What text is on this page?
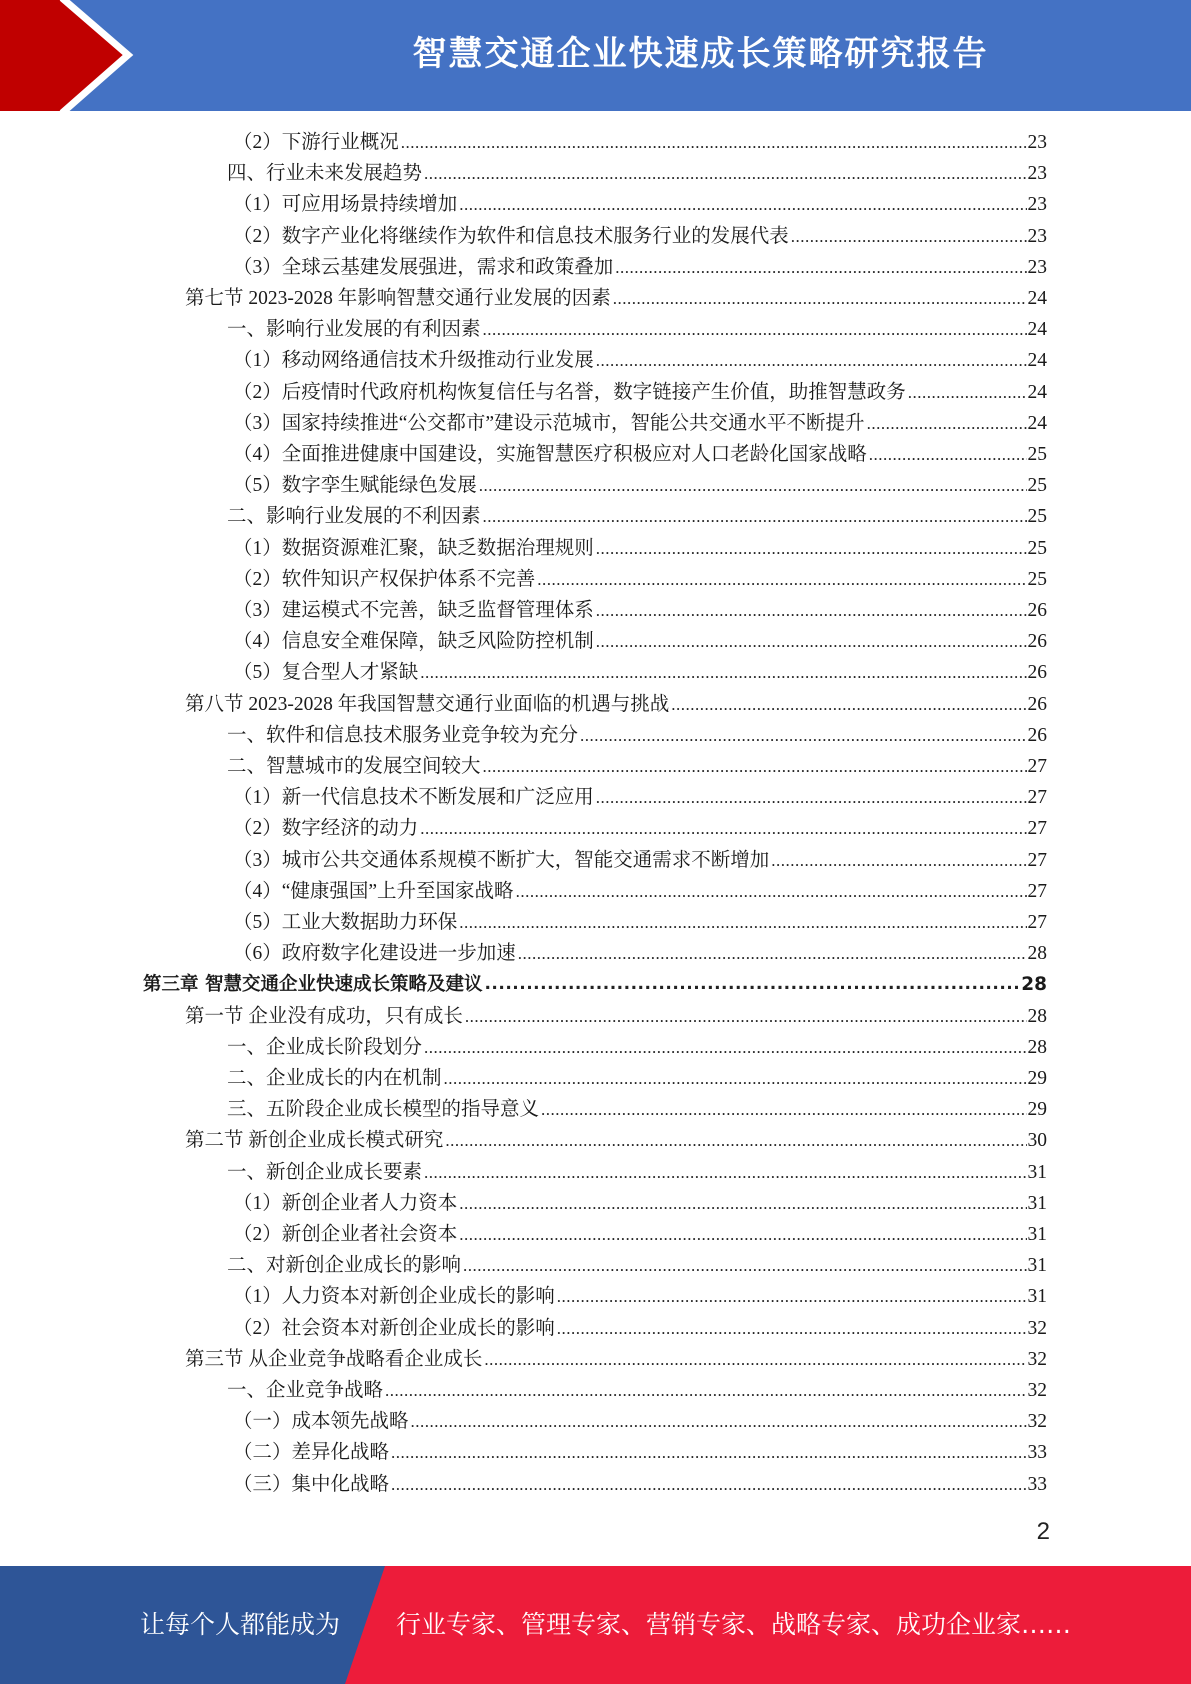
智慧交通企业快速成长策略研究报告
（2）下游行业概况 .....	23
四、行业未来发展趋势 .....	23
（1）可应用场景持续增加 .....	23
（2）数字产业化将继续作为软件和信息技术服务行业的发展代表 .....	23
（3）全球云基建发展强进，需求和政策叠加 .....	23
第七节 2023-2028 年影响智慧交通行业发展的因素 .....	24
一、影响行业发展的有利因素 .....	24
（1）移动网络通信技术升级推动行业发展 .....	24
（2）后疫情时代政府机构恢复信任与名誉，数字链接产生价值，助推智慧政务 .....	24
（3）国家持续推进“公交都市”建设示范城市，智能公共交通水平不断提升 .....	24
（4）全面推进健康中国建设，实施智慧医疗积极应对人口老龄化国家战略 .....	25
（5）数字孪生赋能绿色发展 .....	25
二、影响行业发展的不利因素 .....	25
（1）数据资源难汇聚，缺乏数据治理规则 .....	25
（2）软件知识产权保护体系不完善 .....	25
（3）建运模式不完善，缺乏监督管理体系 .....	26
（4）信息安全难保障，缺乏风险防控机制 .....	26
（5）复合型人才紧缺 .....	26
第八节 2023-2028 年我国智慧交通行业面临的机遇与挑战 .....	26
一、软件和信息技术服务业竞争较为充分 .....	26
二、智慧城市的发展空间较大 .....	27
（1）新一代信息技术不断发展和广泛应用 .....	27
（2）数字经济的动力 .....	27
（3）城市公共交通体系规模不断扩大，智能交通需求不断增加 .....	27
（4）“健康强国”上升至国家战略 .....	27
（5）工业大数据助力环保 .....	27
（6）政府数字化建设进一步加速 .....	28
第三章 智慧交通企业快速成长策略及建议 .....	28
第一节 企业没有成功，只有成长 .....	28
一、企业成长阶段划分 .....	28
二、企业成长的内在机制 .....	29
三、五阶段企业成长模型的指导意义 .....	29
第二节 新创企业成长模式研究 .....	30
一、新创企业成长要素 .....	31
（1）新创企业者人力资本 .....	31
（2）新创企业者社会资本 .....	31
二、对新创企业成长的影响 .....	31
（1）人力资本对新创企业成长的影响 .....	31
（2）社会资本对新创企业成长的影响 .....	32
第三节 从企业竞争战略看企业成长 .....	32
一、企业竞争战略 .....	32
（一）成本领先战略 .....	32
（二）差异化战略 .....	33
（三）集中化战略 .....	33
2
让每个人都能成为 行业专家、管理专家、营销专家、战略专家、成功企业家……
